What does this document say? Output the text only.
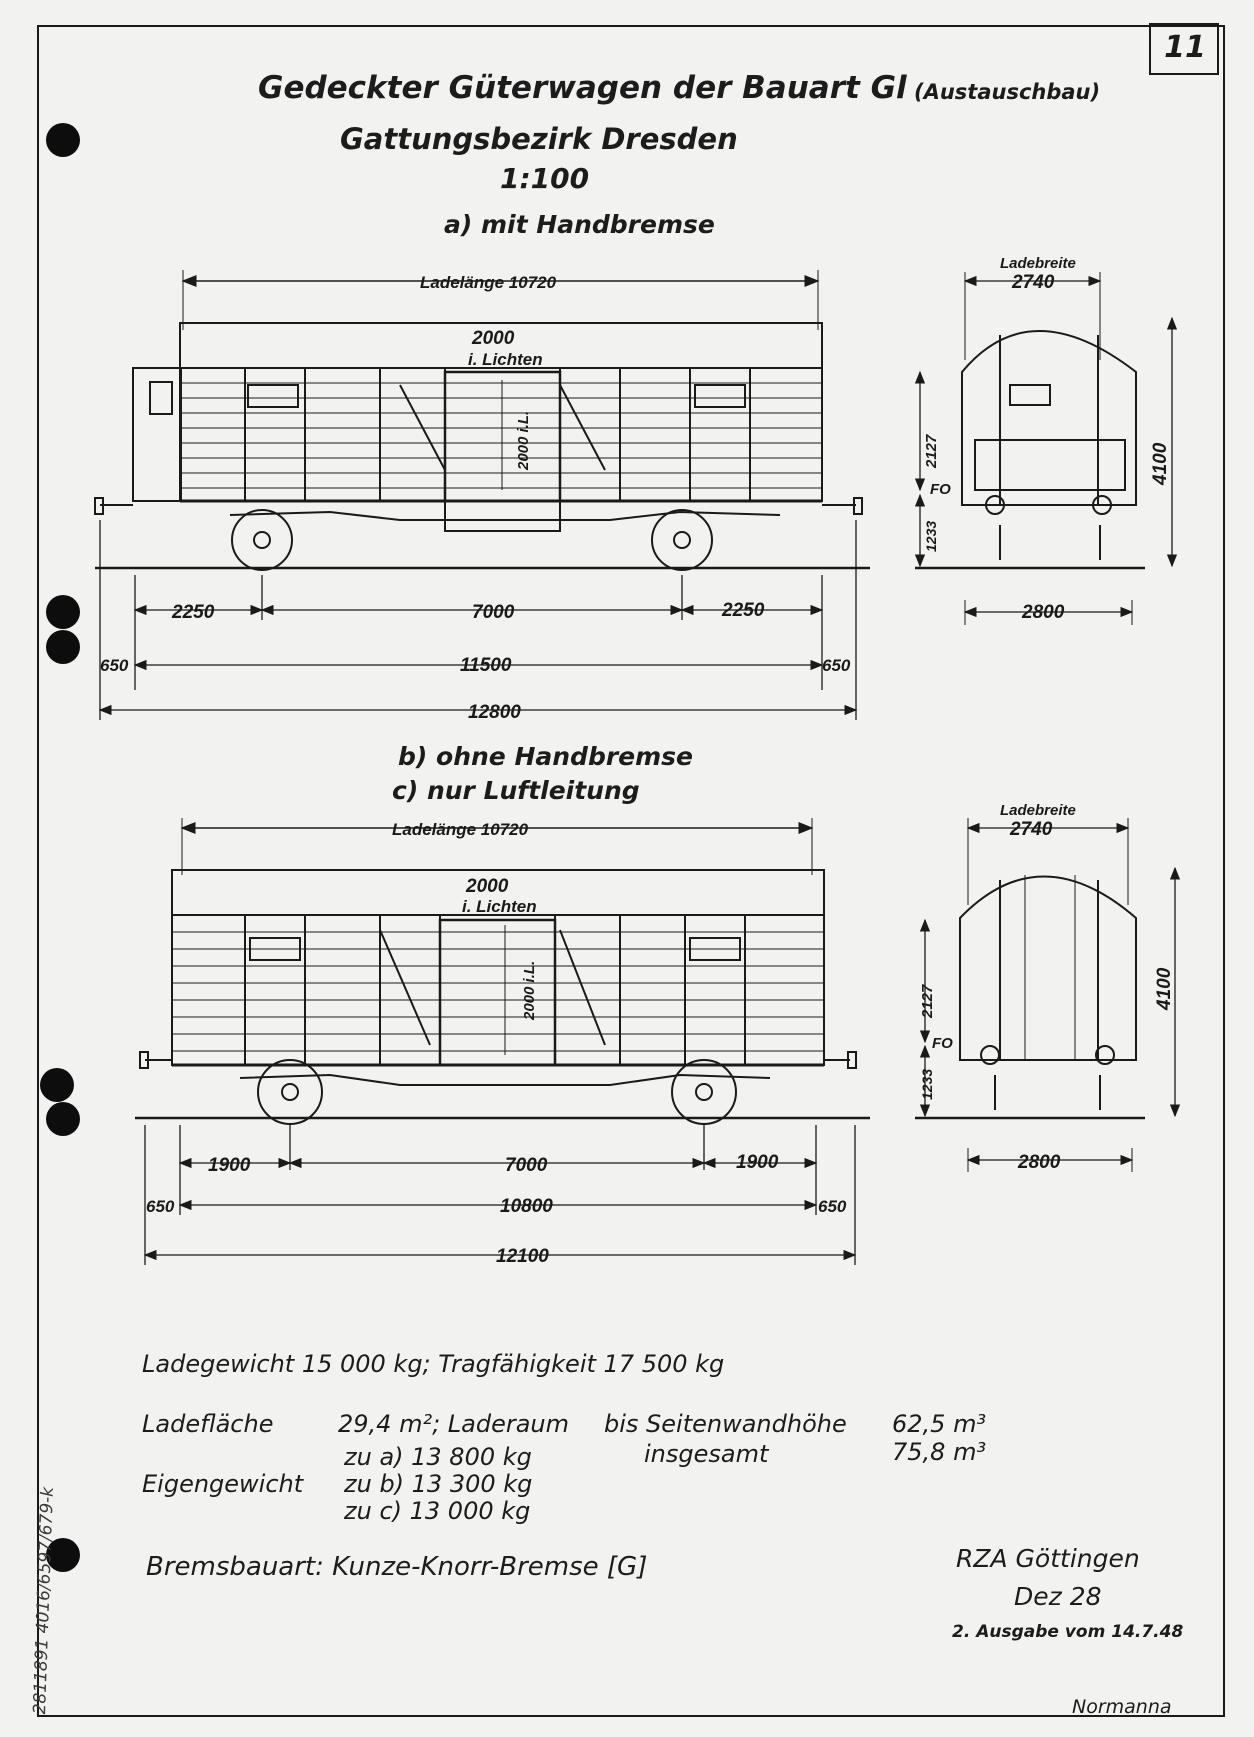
Ladelänge 10720
2000
i. Lichten
2000 i.L.
2250	7000	2250
650	11500	650
12800
Ladebreite
2740
FO
2127
1233
4100
2800
Ladelänge 10720
2000
i. Lichten
2000 i.L.
1900	7000	1900
650	10800	650
12100
Ladebreite
2740
FO
2127
1233
4100
2800
11
Gedeckter Güterwagen der Bauart Gl (Austauschbau)
Gattungsbezirk Dresden
1:100
a) mit Handbremse
b) ohne Handbremse
c) nur Luftleitung
Ladegewicht 15 000 kg; Tragfähigkeit 17 500 kg
Ladefläche	29,4 m²; Laderaum bis Seitenwandhöhe 62,5 m³
insgesamt	75,8 m³
zu a) 13 800 kg
Eigengewicht zu b) 13 300 kg
zu c) 13 000 kg
Bremsbauart: Kunze-Knorr-Bremse [G]	RZA Göttingen
Dez 28
2. Ausgabe vom 14.7.48
Normanna
2811891 4016/6597/679-k
